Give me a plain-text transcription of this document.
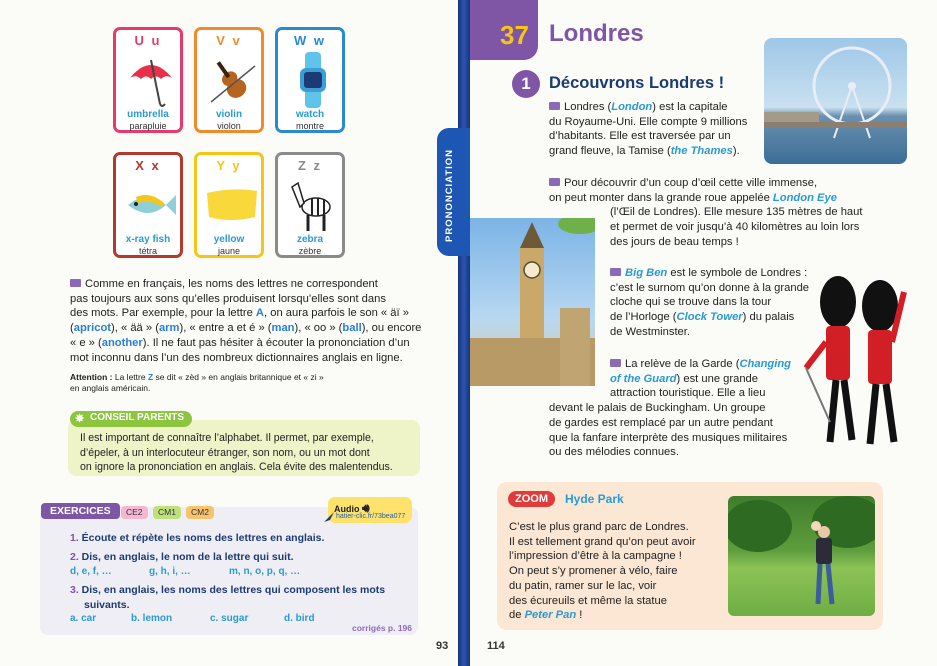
U u
umbrella
parapluie
V v
violin
violon
W w
watch
montre
X x
x-ray fish
tétra
Y y
yellow
jaune
Z z
zebra
zèbre
Comme en français, les noms des lettres ne correspondent
pas toujours aux sons qu’elles produisent lorsqu’elles sont dans
des mots. Par exemple, pour la lettre A, on aura parfois le son « äï »
(apricot), « ää » (arm), « entre a et é » (man), « oo » (ball), ou encore
« e » (another). Il ne faut pas hésiter à écouter la prononciation d’un
mot inconnu dans l’un des nombreux dictionnaires anglais en ligne.
Attention : La lettre Z se dit « zèd » en anglais britannique et « zi »
en anglais américain.
✸ CONSEIL PARENTS
Il est important de connaître l’alphabet. Il permet, par exemple,
d’épeler, à un interlocuteur étranger, son nom, ou un mot dont
on ignore la prononciation en anglais. Cela évite des malentendus.
EXERCICES	CE2	CM1	CM2	Audio 🔊︎
hatier-clic.fr/73bea077
1. Écoute et répète les noms des lettres en anglais.
2. Dis, en anglais, le nom de la lettre qui suit.
d, e, f, …	g, h, i, …	m, n, o, p, q, …
3. Dis, en anglais, les noms des lettres qui composent les mots
suivants.
a. car	b. lemon	c. sugar	d. bird
corrigés p. 196
93
PRONONCIATION
37 Londres
1	Découvrons Londres !
Londres (London) est la capitale
du Royaume-Uni. Elle compte 9 millions
d’habitants. Elle est traversée par un
grand fleuve, la Tamise (the Thames).
Pour découvrir d’un coup d’œil cette ville immense,
on peut monter dans la grande roue appelée London Eye
(l’Œil de Londres). Elle mesure 135 mètres de haut
et permet de voir jusqu’à 40 kilomètres au loin lors
des jours de beau temps !
Big Ben est le symbole de Londres :
c’est le surnom qu’on donne à la grande
cloche qui se trouve dans la tour
de l’Horloge (Clock Tower) du palais
de Westminster.
La relève de la Garde (Changing
of the Guard) est une grande
attraction touristique. Elle a lieu
devant le palais de Buckingham. Un groupe
de gardes est remplacé par un autre pendant
que la fanfare interprète des musiques militaires
ou des mélodies connues.
ZOOM	Hyde Park
C’est le plus grand parc de Londres.
Il est tellement grand qu’on peut avoir
l’impression d’être à la campagne !
On peut s’y promener à vélo, faire
du patin, ramer sur le lac, voir
des écureuils et même la statue
de Peter Pan !
114
